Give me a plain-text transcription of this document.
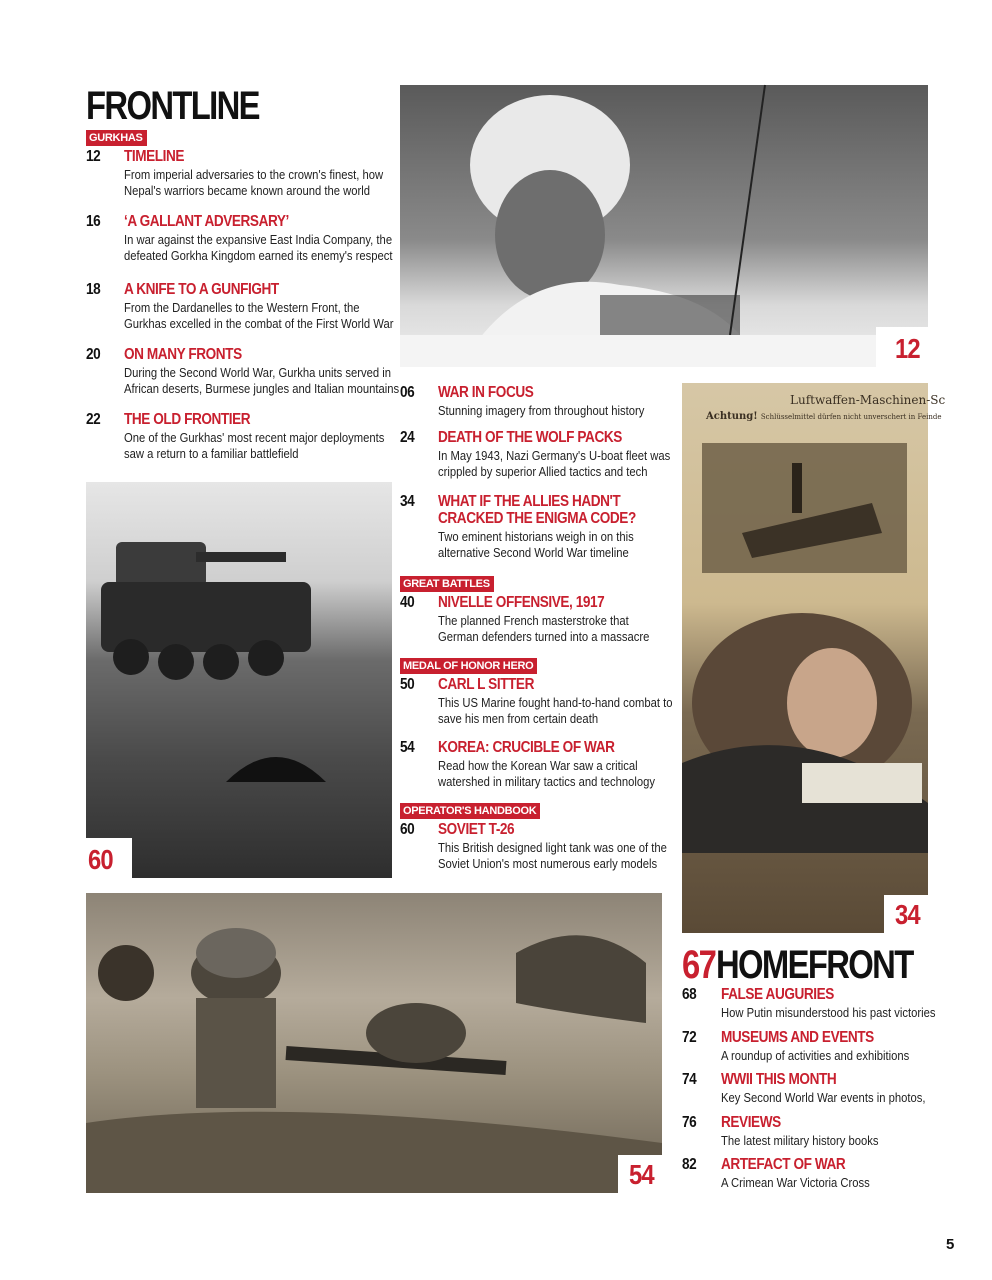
FRONTLINE
GURKHAS
12 TIMELINE
From imperial adversaries to the crown's finest, how
Nepal's warriors became known around the world
16 ‘A GALLANT ADVERSARY’
In war against the expansive East India Company, the
defeated Gorkha Kingdom earned its enemy's respect
18 A KNIFE TO A GUNFIGHT
From the Dardanelles to the Western Front, the
Gurkhas excelled in the combat of the First World War
20 ON MANY FRONTS
During the Second World War, Gurkha units served in
African deserts, Burmese jungles and Italian mountains
22 THE OLD FRONTIER
One of the Gurkhas' most recent major deployments
saw a return to a familiar battlefield
12
60
06 WAR IN FOCUS
Stunning imagery from throughout history
24 DEATH OF THE WOLF PACKS
In May 1943, Nazi Germany's U-boat fleet was
crippled by superior Allied tactics and tech
34 WHAT IF THE ALLIES HADN'T
CRACKED THE ENIGMA CODE?
Two eminent historians weigh in on this
alternative Second World War timeline
GREAT BATTLES
40 NIVELLE OFFENSIVE, 1917
The planned French masterstroke that
German defenders turned into a massacre
MEDAL OF HONOR HERO
50 CARL L SITTER
This US Marine fought hand-to-hand combat to
save his men from certain death
54 KOREA: CRUCIBLE OF WAR
Read how the Korean War saw a critical
watershed in military tactics and technology
OPERATOR'S HANDBOOK
60 SOVIET T-26
This British designed light tank was one of the
Soviet Union's most numerous early models
Luftwaffen-Maschinen-Sc
Achtung! Schlüsselmittel dürfen nicht unverschert in Feinde
34
54
67 HOMEFRONT
68 FALSE AUGURIES
How Putin misunderstood his past victories
72 MUSEUMS AND EVENTS
A roundup of activities and exhibitions
74 WWII THIS MONTH
Key Second World War events in photos,
76 REVIEWS
The latest military history books
82 ARTEFACT OF WAR
A Crimean War Victoria Cross
5
